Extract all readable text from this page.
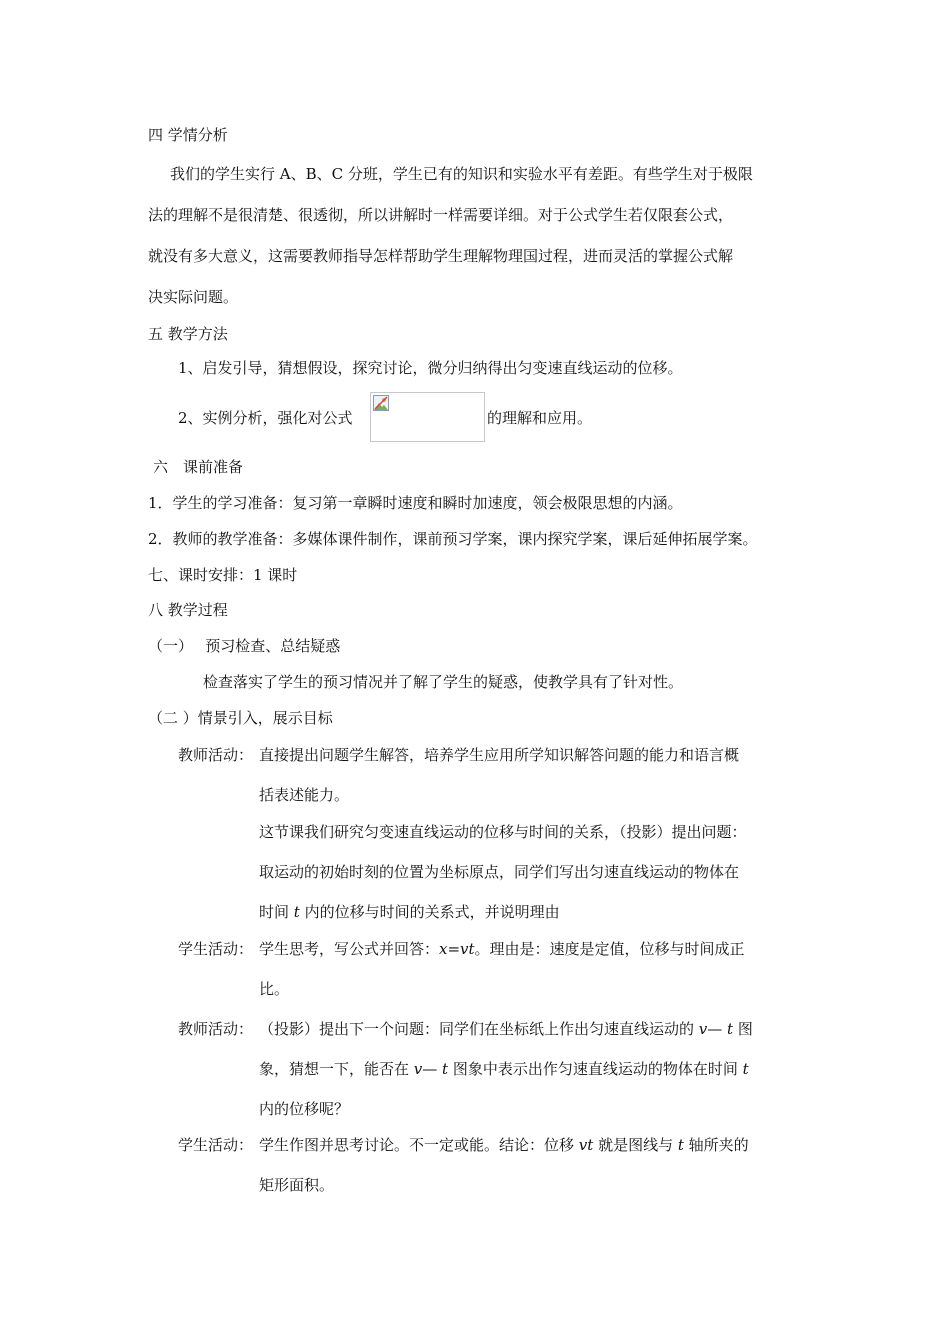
四 学情分析
我们的学生实行 A、B、C 分班，学生已有的知识和实验水平有差距。有些学生对于极限
法的理解不是很清楚、很透彻，所以讲解时一样需要详细。对于公式学生若仅限套公式，
就没有多大意义，这需要教师指导怎样帮助学生理解物理国过程，进而灵活的掌握公式解
决实际问题。
五 教学方法
1、启发引导，猜想假设，探究讨论，微分归纳得出匀变速直线运动的位移。
2、实例分析，强化对公式	的理解和应用。
六　课前准备
1．学生的学习准备：复习第一章瞬时速度和瞬时加速度，领会极限思想的内涵。
2．教师的教学准备：多媒体课件制作，课前预习学案，课内探究学案，课后延伸拓展学案。
七、课时安排：1 课时
八 教学过程
（一）　 预习检查、总结疑惑
检查落实了学生的预习情况并了解了学生的疑惑，使教学具有了针对性。
（二 ）情景引入，展示目标
教师活动： 直接提出问题学生解答，培养学生应用所学知识解答问题的能力和语言概
括表述能力。
这节课我们研究匀变速直线运动的位移与时间的关系，（投影）提出问题：
取运动的初始时刻的位置为坐标原点，同学们写出匀速直线运动的物体在
时间 t 内的位移与时间的关系式，并说明理由
学生活动： 学生思考，写公式并回答：x=vt。理由是：速度是定值，位移与时间成正
比。
教师活动： （投影）提出下一个问题：同学们在坐标纸上作出匀速直线运动的 v— t 图
象，猜想一下，能否在 v— t 图象中表示出作匀速直线运动的物体在时间 t
内的位移呢？
学生活动： 学生作图并思考讨论。不一定或能。结论：位移 vt 就是图线与 t 轴所夹的
矩形面积。
